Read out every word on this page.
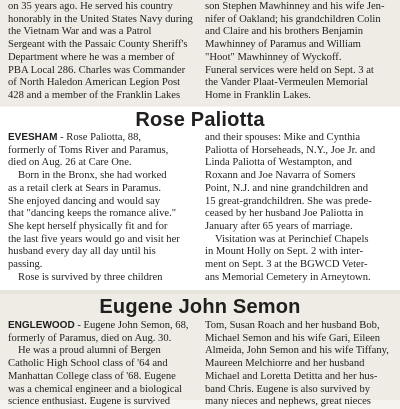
on 35 years ago. He served his country

honorably in the United States Navy during

the Vietnam War and was a Patrol

Sergeant with the Passaic County Sheriff's

Department where he was a member of

PBA Local 286. Charles was Commander

of North Haledon American Legion Post

428 and a member of the Franklin Lakes

son Stephen Mawhinney and his wife Jen-

nifer of Oakland; his grandchildren Colin

and Claire and his brothers Benjamin

Mawhinney of Paramus and William

"Hoot" Mawhinney of Wyckoff.

Funeral services were held on Sept. 3 at

the Vander Plaat-Vermeulen Memorial

Home in Franklin Lakes.

Rose Paliotta

EVESHAM - Rose Paliotta, 88,

formerly of Toms River and Paramus,

died on Aug. 26 at Care One.

Born in the Bronx, she had worked

as a retail clerk at Sears in Paramus.

She enjoyed dancing and would say

that "dancing keeps the romance alive."

She kept herself physically fit and for

the last five years would go and visit her

husband every day all day until his

passing.

Rose is survived by three children

and their spouses: Mike and Cynthia

Paliotta of Horseheads, N.Y., Joe Jr. and

Linda Paliotta of Westampton, and

Roxann and Joe Navarra of Somers

Point, N.J. and nine grandchildren and

15 great-grandchildren. She was prede-

ceased by her husband Joe Paliotta in

January after 65 years of marriage.

Visitation was at Perinchief Chapels

in Mount Holly on Sept. 2 with inter-

ment on Sept. 3 at the BGWCD Veter-

ans Memorial Cemetery in Arneytown.

Eugene John Semon

ENGLEWOOD - Eugene John Semon, 68,

formerly of Paramus, died on Aug. 30.

He was a proud alumni of Bergen

Catholic High School class of '64 and

Manhattan College class of '68. Eugene

was a chemical engineer and a biological

science enthusiast. Eugene is survived

Tom, Susan Roach and her husband Bob,

Michael Semon and his wife Gari, Eileen

Almeida, John Semon and his wife Tiffany,

Maureen Melchiorre and her husband

Michael and Loretta Detitta and her hus-

band Chris. Eugene is also survived by

many nieces and nephews, great nieces
